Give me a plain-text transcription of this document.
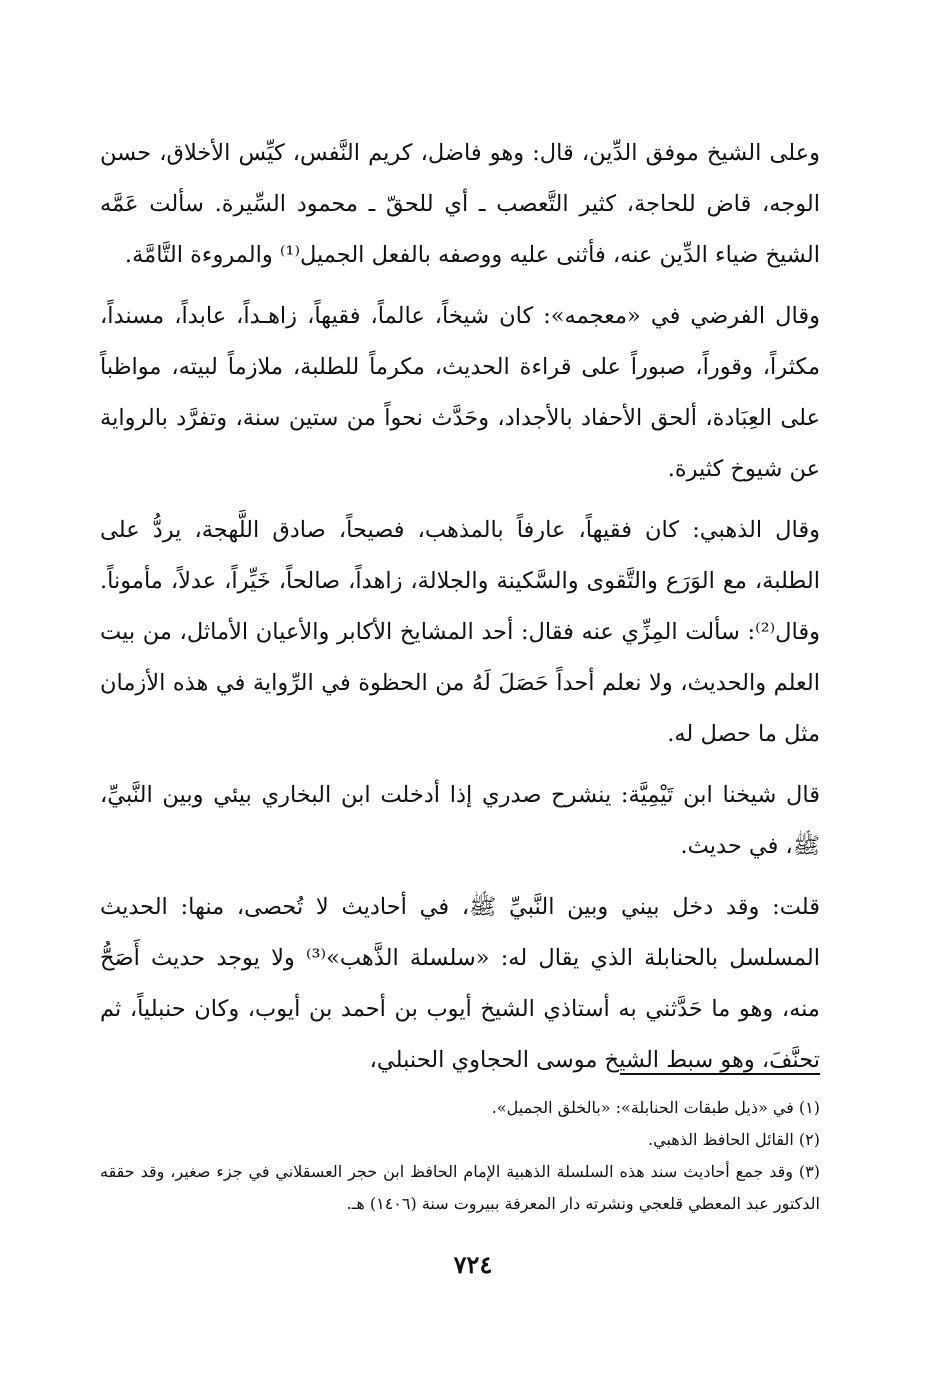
وعلى الشيخ موفق الدِّين، قال: وهو فاضل، كريم النَّفس، كيِّس الأخلاق، حسن الوجه، قاض للحاجة، كثير التَّعصب ـ أي للحقّ ـ محمود السِّيرة. سألت عَمَّه الشيخ ضياء الدِّين عنه، فأثنى عليه ووصفه بالفعل الجميل⁽¹⁾ والمروءة التَّامَّة.

وقال الفرضي في «معجمه»: كان شيخاً، عالماً، فقيهاً، زاهـداً، عابداً، مسنداً، مكثراً، وقوراً، صبوراً على قراءة الحديث، مكرماً للطلبة، ملازماً لبيته، مواظباً على العِبَادة، ألحق الأحفاد بالأجداد، وحَدَّث نحواً من ستين سنة، وتفرَّد بالرواية عن شيوخ كثيرة.

وقال الذهبي: كان فقيهاً، عارفاً بالمذهب، فصيحاً، صادق اللَّهجة، يردُّ على الطلبة، مع الوَرَع والتَّقوى والسَّكينة والجلالة، زاهداً، صالحاً، خَيِّراً، عدلاً، مأموناً. وقال⁽²⁾: سألت المِزِّي عنه فقال: أحد المشايخ الأكابر والأعيان الأماثل، من بيت العلم والحديث، ولا نعلم أحداً حَصَلَ لَهُ من الحظوة في الرِّواية في هذه الأزمان مثل ما حصل له.

قال شيخنا ابن تَيْمِيَّة: ينشرح صدري إذا أدخلت ابن البخاري بيئي وبين النَّبيِّ، ﷺ، في حديث.

قلت: وقد دخل بيني وبين النَّبيِّ ﷺ، في أحاديث لا تُحصى، منها: الحديث المسلسل بالحنابلة الذي يقال له: «سلسلة الذَّهب»⁽³⁾ ولا يوجد حديث أَصَحُّ منه، وهو ما حَدَّثني به أستاذي الشيخ أيوب بن أحمد بن أيوب، وكان حنبلياً، ثم تحنَّفَ، وهو سبط الشيخ موسى الحجاوي الحنبلي،

(١) في «ذيل طبقات الحنابلة»: «بالخلق الجميل».

(٢) القائل الحافظ الذهبي.

(٣) وقد جمع أحاديث سند هذه السلسلة الذهبية الإمام الحافظ ابن حجر العسقلاني في جزء صغير، وقد حققه الدكتور عبد المعطي قلعجي ونشرته دار المعرفة ببيروت سنة (١٤٠٦) هـ.

٧٢٤
